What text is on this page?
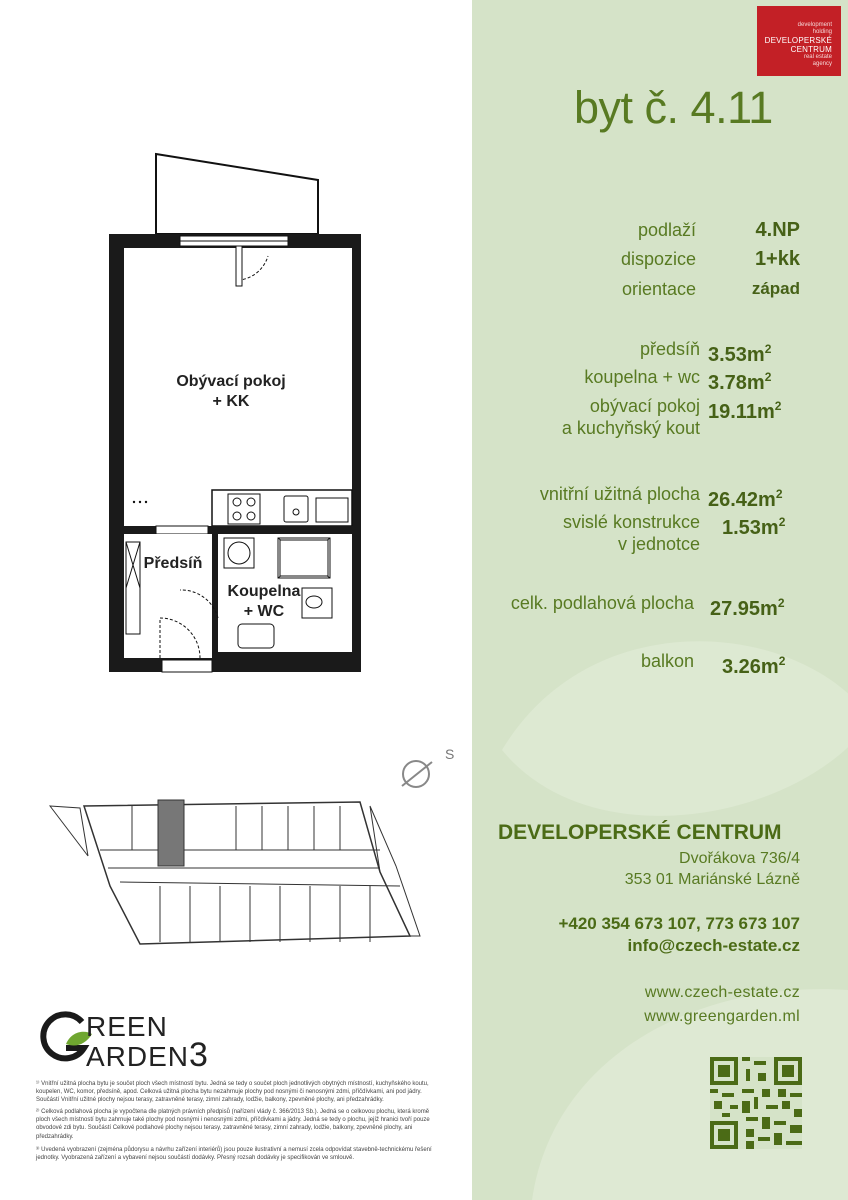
Obývací pokoj
+ KK
Předsíň
Koupelna
+ WC
S
REEN
ARDEN3
¹⁾ Vnitřní užitná plocha bytu je součet ploch všech místností bytu. Jedná se tedy o součet ploch jednotlivých obytných místností, kuchyňského koutu, koupelen, WC, komor, předsíně, apod. Celková užitná plocha bytu nezahrnuje plochy pod nosnými či nenosnými zdmi, příčdívkami, ani pod jádry. Součástí Vnitřní užitné plochy nejsou terasy, zatravněné terasy, zimní zahrady, lodžie, balkony, zpevněné plochy, ani předzahrádky.
²⁾ Celková podlahová plocha je vypočtena dle platných právních předpisů (nařízení vlády č. 366/2013 Sb.). Jedná se o celkovou plochu, která kromě ploch všech místností bytu zahrnuje také plochy pod nosnými i nenosnými zdmi, příčdivkami a jádry. Jedná se tedy o plochu, jejíž hranici tvoří pouze obvodové zdi bytu. Součástí Celkové podlahové plochy nejsou terasy, zatravněné terasy, zimní zahrady, lodžie, balkony, zpevněné plochy, ani předzahrádky.
³⁾ Uvedená vyobrazení (zejména půdorysu a návrhu zařízení interiérů) jsou pouze ilustrativní a nemusí zcela odpovídat stavebně-technickému řešení jednotky. Vyobrazená zařízení a vybavení nejsou součástí dodávky. Přesný rozsah dodávky je specifikován ve smlouvě.
development
holding
DEVELOPERSKÉ
CENTRUM
real estate
agency
byt č. 4.11
podlaží	4.NP
dispozice	1+kk
orientace	západ
předsíň $3.53m^2$
koupelna + wc $3.78m^2$
obývací pokoj
a kuchyňský kout
$19.11m^2$
vnitřní užitná plocha $26.42m^2$
svislé konstrukce
v jednotce
$1.53m^2$
celk. podlahová plocha $27.95m^2$
balkon $3.26m^2$
DEVELOPERSKÉ CENTRUM
Dvořákova 736/4
353 01 Mariánské Lázně
+420 354 673 107, 773 673 107
info@czech-estate.cz
www.czech-estate.cz
www.greengarden.ml
